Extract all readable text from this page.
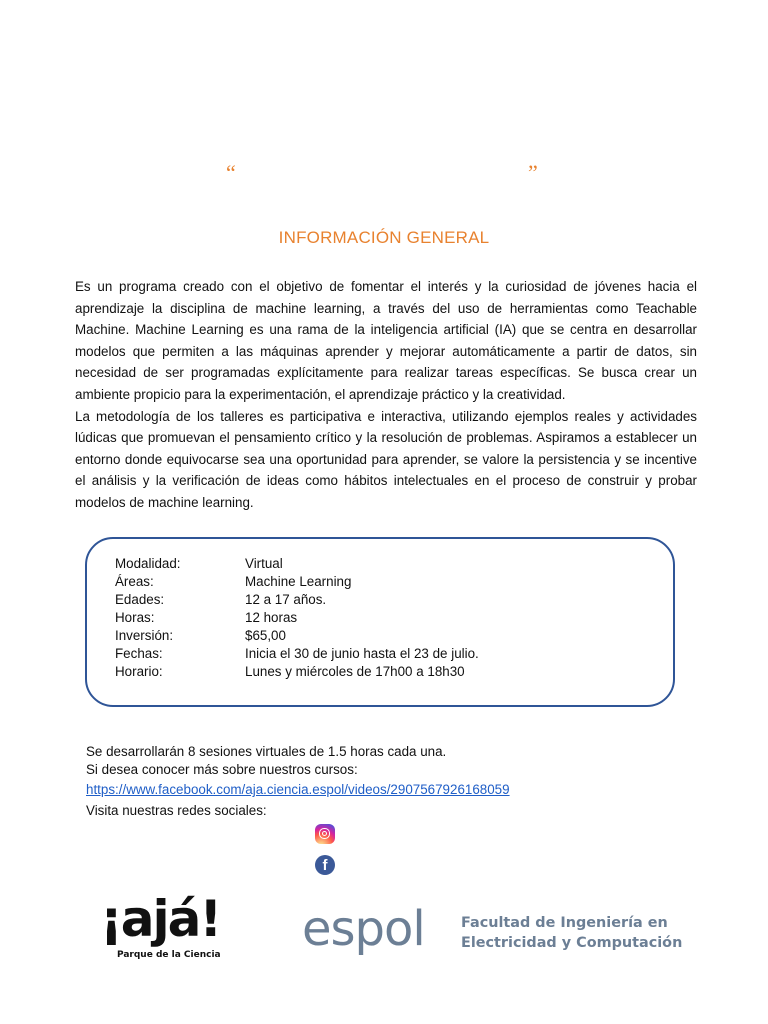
“	”
INFORMACIÓN GENERAL

Es un programa creado con el objetivo de fomentar el interés y la curiosidad de jóvenes hacia el aprendizaje la disciplina de machine learning, a través del uso de herramientas como Teachable Machine. Machine Learning es una rama de la inteligencia artificial (IA) que se centra en desarrollar modelos que permiten a las máquinas aprender y mejorar automáticamente a partir de datos, sin necesidad de ser programadas explícitamente para realizar tareas específicas. Se busca crear un ambiente propicio para la experimentación, el aprendizaje práctico y la creatividad.

La metodología de los talleres es participativa e interactiva, utilizando ejemplos reales y actividades lúdicas que promuevan el pensamiento crítico y la resolución de problemas. Aspiramos a establecer un entorno donde equivocarse sea una oportunidad para aprender, se valore la persistencia y se incentive el análisis y la verificación de ideas como hábitos intelectuales en el proceso de construir y probar modelos de machine learning.

Modalidad:	Virtual
Áreas:	Machine Learning
Edades:	12 a 17 años.
Horas:	12 horas
Inversión:	$65,00
Fechas:	Inicia el 30 de junio hasta el 23 de julio.
Horario:	Lunes y miércoles de 17h00 a 18h30
Se desarrollarán 8 sesiones virtuales de 1.5 horas cada una.
Si desea conocer más sobre nuestros cursos:
https://www.facebook.com/aja.ciencia.espol/videos/2907567926168059
Visita nuestras redes sociales:
f
¡ajá!
Parque de la Ciencia espol	Facultad de Ingeniería en
Electricidad y Computación
